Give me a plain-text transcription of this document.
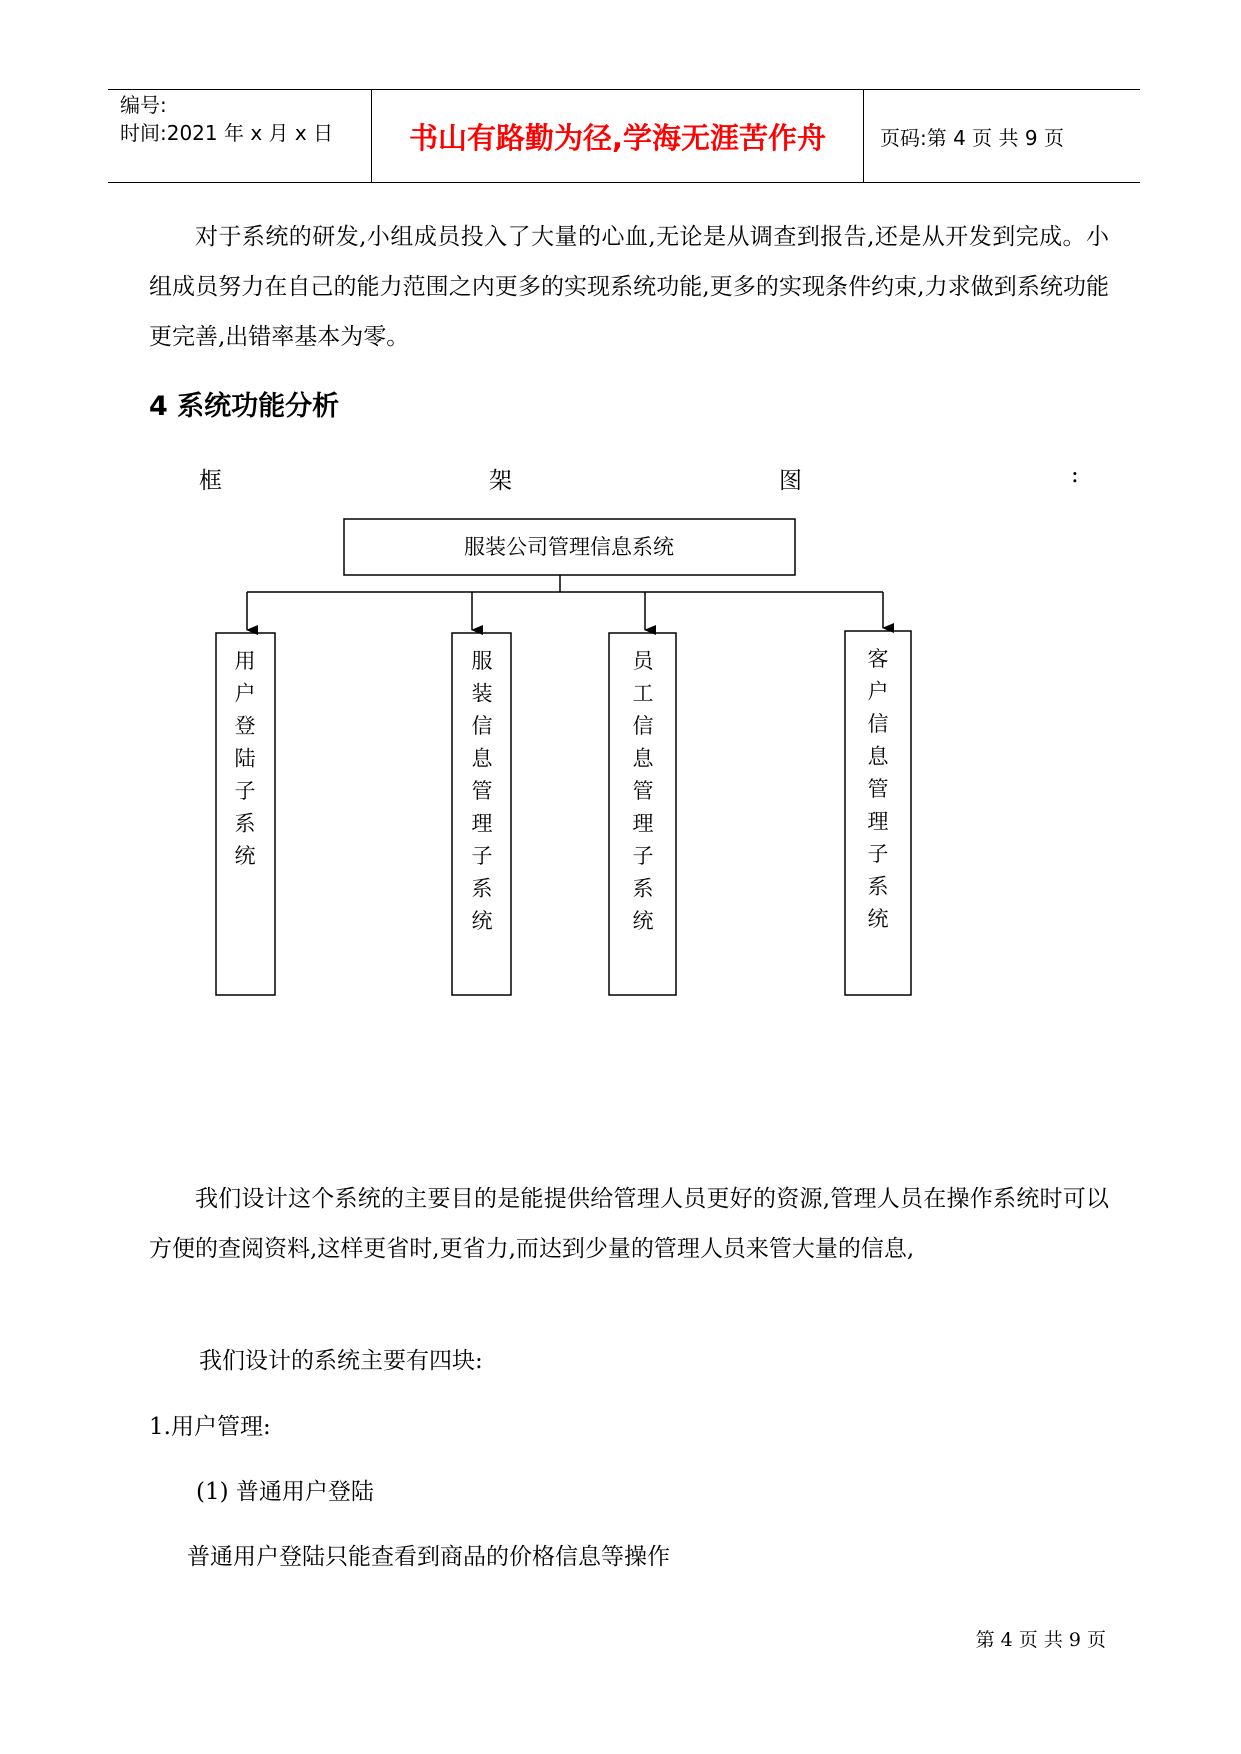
编号:
时间:2021 年 x 月 x 日	书山有路勤为径,学海无涯苦作舟	页码:第 4 页 共 9 页
对于系统的研发,小组成员投入了大量的心血,无论是从调查到报告,还是从开发到完成。小组成员努力在自己的能力范围之内更多的实现系统功能,更多的实现条件约束,力求做到系统功能更完善,出错率基本为零。
4 系统功能分析
框	架	图	:
服装公司管理信息系统
用户登陆子系统
服装信息管理子系统
员工信息管理子系统
客户信息管理子系统
我们设计这个系统的主要目的是能提供给管理人员更好的资源,管理人员在操作系统时可以方便的查阅资料,这样更省时,更省力,而达到少量的管理人员来管大量的信息,
我们设计的系统主要有四块:
1.用户管理:
(1) 普通用户登陆
普通用户登陆只能查看到商品的价格信息等操作
第 4 页 共 9 页
